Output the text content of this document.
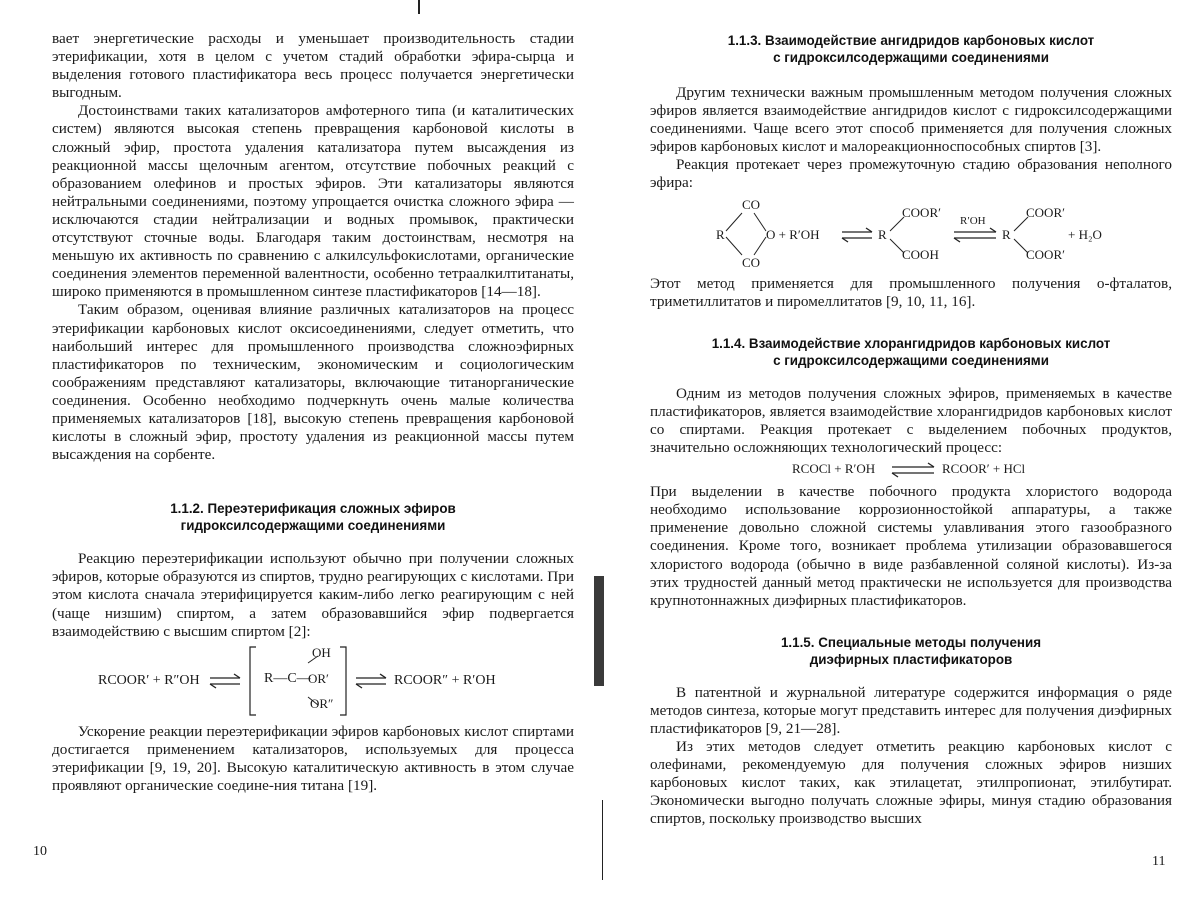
вает энергетические расходы и уменьшает производительность стадии этерификации, хотя в целом с учетом стадий обработки эфира-сырца и выделения готового пластификатора весь процесс получается энергетически выгодным.

Достоинствами таких катализаторов амфотерного типа (и каталитических систем) являются высокая степень превращения карбоновой кислоты в сложный эфир, простота удаления катализатора путем высаждения из реакционной массы щелочным агентом, отсутствие побочных реакций с образованием олефинов и простых эфиров. Эти катализаторы являются нейтральными соединениями, поэтому упрощается очистка сложного эфира — исключаются стадии нейтрализации и водных промывок, практически отсутствуют сточные воды. Благодаря таким достоинствам, несмотря на меньшую их активность по сравнению с алкилсульфокислотами, органические соединения элементов переменной валентности, особенно тетраалкилтитанаты, широко применяются в промышленном синтезе пластификаторов [14—18].

Таким образом, оценивая влияние различных катализаторов на процесс этерификации карбоновых кислот оксисоединениями, следует отметить, что наибольший интерес для промышленного производства сложноэфирных пластификаторов по техническим, экономическим и социологическим соображениям представляют катализаторы, включающие титанорганические соединения. Особенно необходимо подчеркнуть очень малые количества применяемых катализаторов [18], высокую степень превращения карбоновой кислоты в сложный эфир, простоту удаления из реакционной массы путем высаждения на сорбенте.

1.1.2. Переэтерификация сложных эфиров
гидроксилсодержащими соединениями

Реакцию переэтерификации используют обычно при получении сложных эфиров, которые образуются из спиртов, трудно реагирующих с кислотами. При этом кислота сначала этерифицируется каким-либо легко реагирующим с ней (чаще низшим) спиртом, а затем образовавшийся эфир подвергается взаимодействию с высшим спиртом [2]:

RCOOR′ + R″OH ⇌ R—C—
OH
OR′
OR″
⇌ RCOOR″ + R′OH

Ускорение реакции переэтерификации эфиров карбоновых кислот спиртами достигается применением катализаторов, используемых для процесса этерификации [9, 19, 20]. Высокую каталитическую активность в этом случае проявляют органические соедине-ния титана [19].

10
1.1.3. Взаимодействие ангидридов карбоновых кислот
с гидроксилсодержащими соединениями

Другим технически важным промышленным методом получения сложных эфиров является взаимодействие ангидридов кислот с гидроксилсодержащими соединениями. Чаще всего этот способ применяется для получения сложных эфиров карбоновых кислот и малореакционноспособных спиртов [3].

Реакция протекает через промежуточную стадию образования неполного эфира:

CO
R	O + R′OH
CO
⇌ R
COOR′
COOH
R′OH
⇌ R
COOR′
COOR′
+ H₂O

Этот метод применяется для промышленного получения о-фталатов, триметиллитатов и пиромеллитатов [9, 10, 11, 16].

1.1.4. Взаимодействие хлорангидридов карбоновых кислот
с гидроксилсодержащими соединениями

Одним из методов получения сложных эфиров, применяемых в качестве пластификаторов, является взаимодействие хлорангидридов карбоновых кислот со спиртами. Реакция протекает с выделением побочных продуктов, значительно осложняющих технологический процесс:

RCOCl + R′OH ⇌ RCOOR′ + HCl

При выделении в качестве побочного продукта хлористого водорода необходимо использование коррозионностойкой аппаратуры, а также применение довольно сложной системы улавливания этого газообразного соединения. Кроме того, возникает проблема утилизации образовавшегося хлористого водорода (обычно в виде разбавленной соляной кислоты). Из-за этих трудностей данный метод практически не используется для производства крупнотоннажных диэфирных пластификаторов.

1.1.5. Специальные методы получения
диэфирных пластификаторов

В патентной и журнальной литературе содержится информация о ряде методов синтеза, которые могут представить интерес для получения диэфирных пластификаторов [9, 21—28].

Из этих методов следует отметить реакцию карбоновых кислот с олефинами, рекомендуемую для получения сложных эфиров низших карбоновых кислот таких, как этилацетат, этилпропионат, этилбутират. Экономически выгодно получать сложные эфиры, минуя стадию образования спиртов, поскольку производство высших

11
